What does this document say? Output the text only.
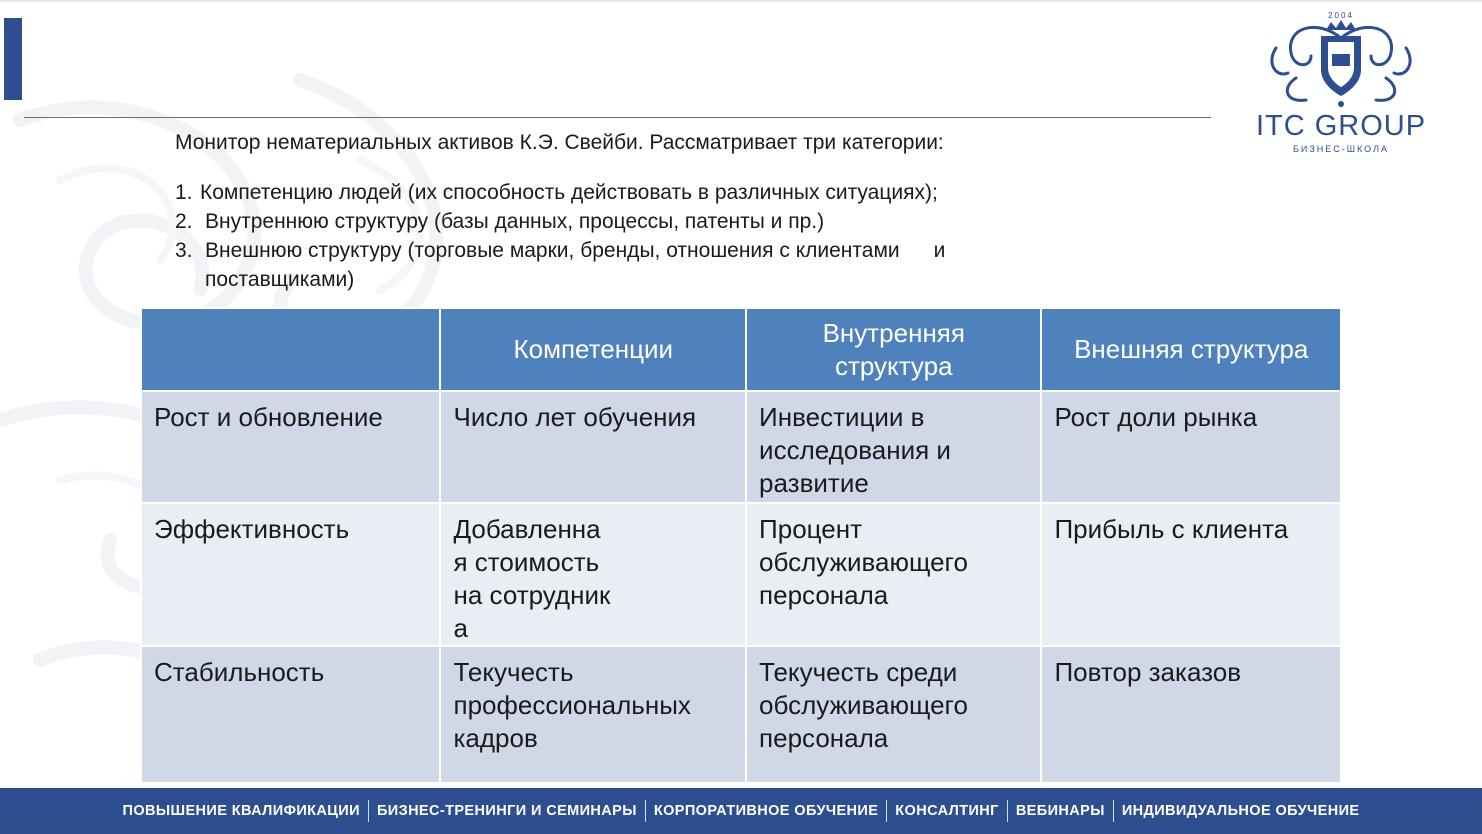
2004
ITC GROUP
БИЗНЕС-ШКОЛА
Монитор нематериальных активов К.Э. Свейби. Рассматривает три категории:
1. Компетенцию людей (их способность действовать в различных ситуациях);
2. Внутреннюю структуру (базы данных, процессы, патенты и пр.)
3. Внешнюю структуру (торговые марки, бренды, отношения с клиентами и
поставщиками)
	Компетенции	Внутренняя структура	Внешняя структура
Рост и обновление	Число лет обучения	Инвестиции в исследования и развитие	Рост доли рынка
Эффективность	Добавленная стоимость на сотрудника	Процент обслуживающего персонала	Прибыль с клиента
Стабильность	Текучесть профессиональных кадров	Текучесть среди обслуживающего персонала	Повтор заказов
ПОВЫШЕНИЕ КВАЛИФИКАЦИИ	БИЗНЕС-ТРЕНИНГИ И СЕМИНАРЫ	КОРПОРАТИВНОЕ ОБУЧЕНИЕ	КОНСАЛТИНГ	ВЕБИНАРЫ	ИНДИВИДУАЛЬНОЕ ОБУЧЕНИЕ
